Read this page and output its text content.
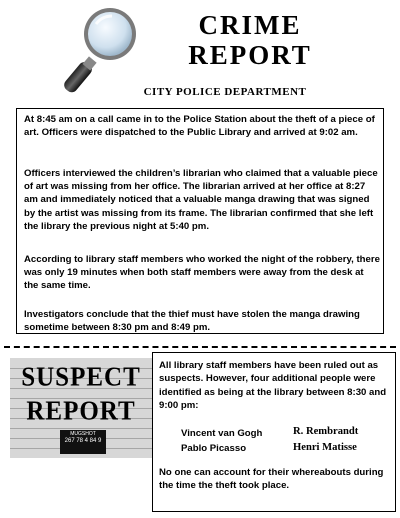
CRIME
REPORT
CITY POLICE DEPARTMENT
At 8:45 am on a call came in to the Police Station about the theft of a piece of art. Officers were dispatched to the Public Library and arrived at 9:02 am.
Officers interviewed the children’s librarian who claimed that a valuable piece of art was missing from her office. The librarian arrived at her office at 8:27 am and immediately noticed that a valuable manga drawing that was signed by the artist was missing from its frame. The librarian confirmed that she left the library the previous night at 5:40 pm.
According to library staff members who worked the night of the robbery, there was only 19 minutes when both staff members were away from the desk at the same time.
Investigators conclude that the thief must have stolen the manga drawing sometime between 8:30 pm and 8:49 pm.
SUSPECT
REPORT
MUGSHOT
267 78 4 84 9
All library staff members have been ruled out as suspects. However, four additional people were identified as being at the library between 8:30 and 9:00 pm:
Vincent van Gogh	R. Rembrandt
Pablo Picasso	Henri Matisse
No one can account for their whereabouts during the time the theft took place.
